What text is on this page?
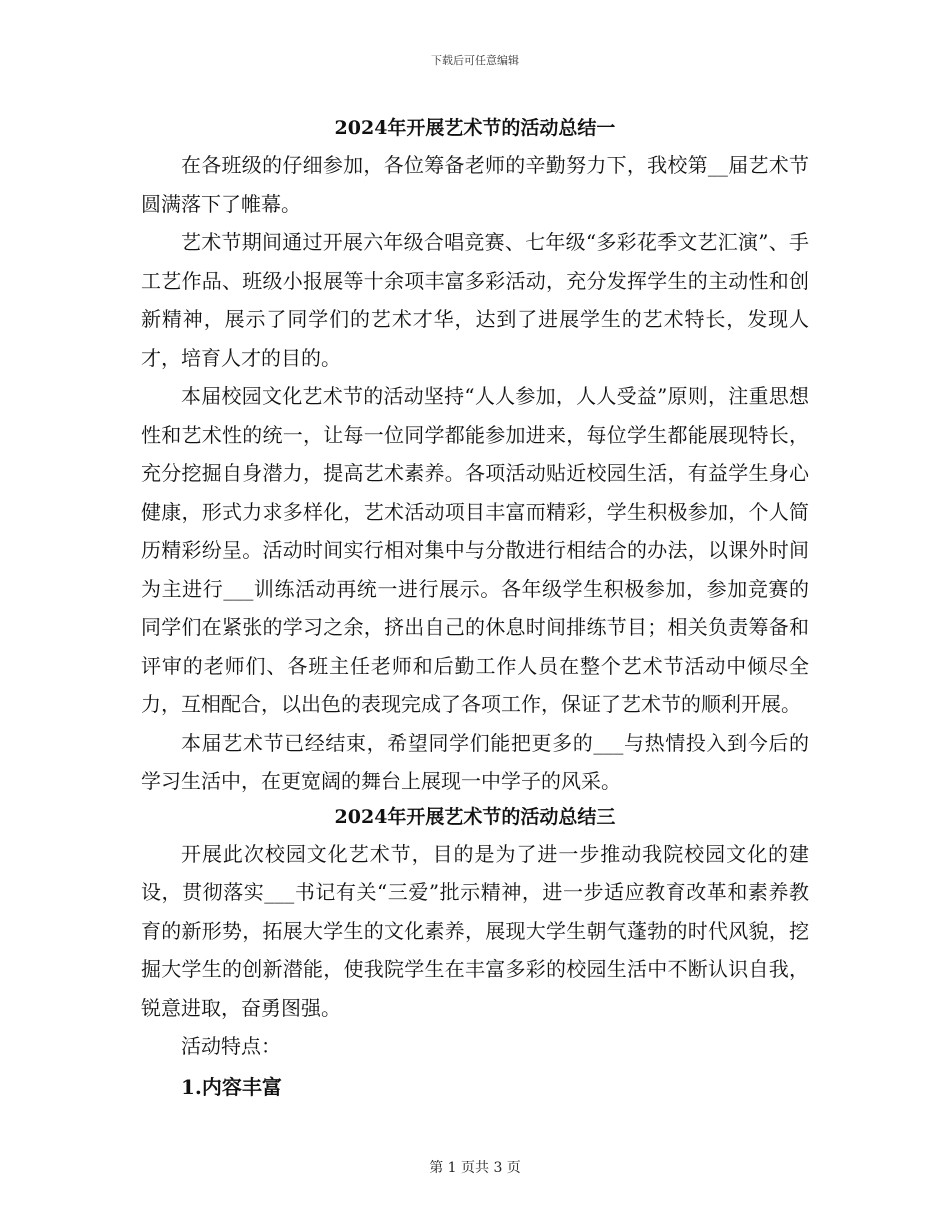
下载后可任意编辑
2024年开展艺术节的活动总结一

在各班级的仔细参加，各位筹备老师的辛勤努力下，我校第__届艺术节圆满落下了帷幕。

艺术节期间通过开展六年级合唱竞赛、七年级“多彩花季文艺汇演”、手工艺作品、班级小报展等十余项丰富多彩活动，充分发挥学生的主动性和创新精神，展示了同学们的艺术才华，达到了进展学生的艺术特长，发现人才，培育人才的目的。

本届校园文化艺术节的活动坚持“人人参加，人人受益”原则，注重思想性和艺术性的统一，让每一位同学都能参加进来，每位学生都能展现特长，充分挖掘自身潜力，提高艺术素养。各项活动贴近校园生活，有益学生身心健康，形式力求多样化，艺术活动项目丰富而精彩，学生积极参加，个人简历精彩纷呈。活动时间实行相对集中与分散进行相结合的办法，以课外时间为主进行___训练活动再统一进行展示。各年级学生积极参加，参加竞赛的同学们在紧张的学习之余，挤出自己的休息时间排练节目；相关负责筹备和评审的老师们、各班主任老师和后勤工作人员在整个艺术节活动中倾尽全力，互相配合，以出色的表现完成了各项工作，保证了艺术节的顺利开展。

本届艺术节已经结束，希望同学们能把更多的___与热情投入到今后的学习生活中，在更宽阔的舞台上展现一中学子的风采。

2024年开展艺术节的活动总结三

开展此次校园文化艺术节，目的是为了进一步推动我院校园文化的建设，贯彻落实___书记有关“三爱”批示精神，进一步适应教育改革和素养教育的新形势，拓展大学生的文化素养，展现大学生朝气蓬勃的时代风貌，挖掘大学生的创新潜能，使我院学生在丰富多彩的校园生活中不断认识自我，锐意进取，奋勇图强。

活动特点：

1.内容丰富
第 1 页共 3 页
